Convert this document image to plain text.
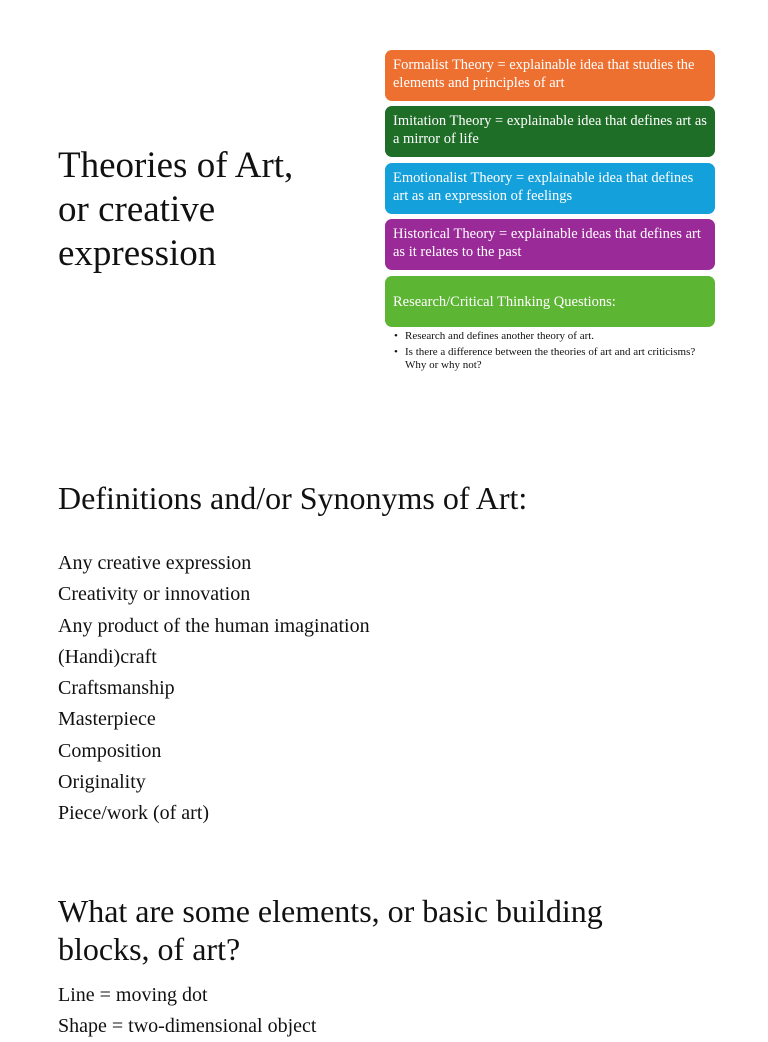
Theories of Art,
or creative
expression
Formalist Theory = explainable idea that studies the elements and principles of art
Imitation Theory = explainable idea that defines art as a mirror of life
Emotionalist Theory = explainable idea that defines art as an expression of feelings
Historical Theory = explainable ideas that defines art as it relates to the past
Research/Critical Thinking Questions:
• Research and defines another theory of art.
• Is there a difference between the theories of art and art criticisms? Why or why not?
Definitions and/or Synonyms of Art:
Any creative expression
Creativity or innovation
Any product of the human imagination
(Handi)craft
Craftsmanship
Masterpiece
Composition
Originality
Piece/work (of art)
What are some elements, or basic building blocks, of art?
Line = moving dot
Shape = two-dimensional object
